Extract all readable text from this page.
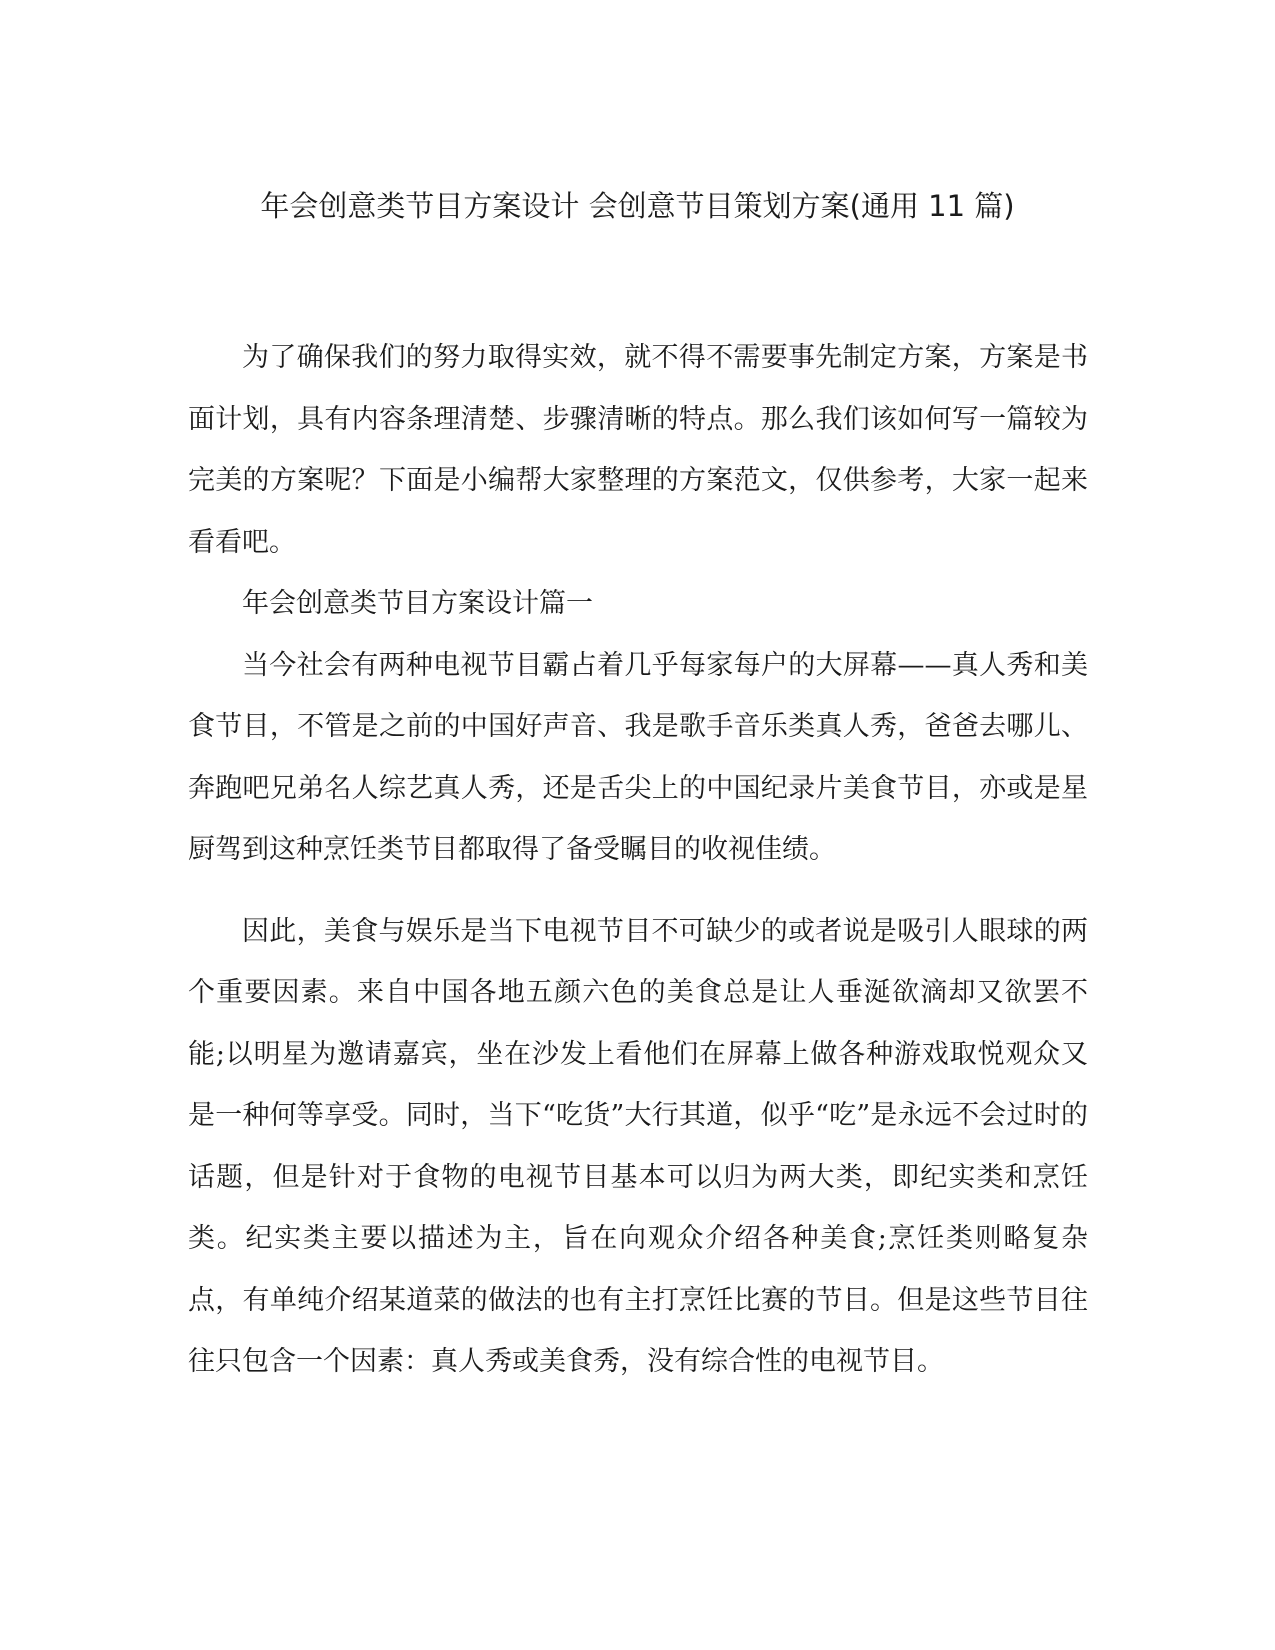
年会创意类节目方案设计 会创意节目策划方案(通用 11 篇)

为了确保我们的努力取得实效，就不得不需要事先制定方案，方案是书面计划，具有内容条理清楚、步骤清晰的特点。那么我们该如何写一篇较为完美的方案呢？下面是小编帮大家整理的方案范文，仅供参考，大家一起来看看吧。

年会创意类节目方案设计篇一

当今社会有两种电视节目霸占着几乎每家每户的大屏幕——真人秀和美食节目，不管是之前的中国好声音、我是歌手音乐类真人秀，爸爸去哪儿、奔跑吧兄弟名人综艺真人秀，还是舌尖上的中国纪录片美食节目，亦或是星厨驾到这种烹饪类节目都取得了备受瞩目的收视佳绩。

因此，美食与娱乐是当下电视节目不可缺少的或者说是吸引人眼球的两个重要因素。来自中国各地五颜六色的美食总是让人垂涎欲滴却又欲罢不能;以明星为邀请嘉宾，坐在沙发上看他们在屏幕上做各种游戏取悦观众又是一种何等享受。同时，当下“吃货”大行其道，似乎“吃”是永远不会过时的话题，但是针对于食物的电视节目基本可以归为两大类，即纪实类和烹饪类。纪实类主要以描述为主，旨在向观众介绍各种美食;烹饪类则略复杂点，有单纯介绍某道菜的做法的也有主打烹饪比赛的节目。但是这些节目往往只包含一个因素：真人秀或美食秀，没有综合性的电视节目。
